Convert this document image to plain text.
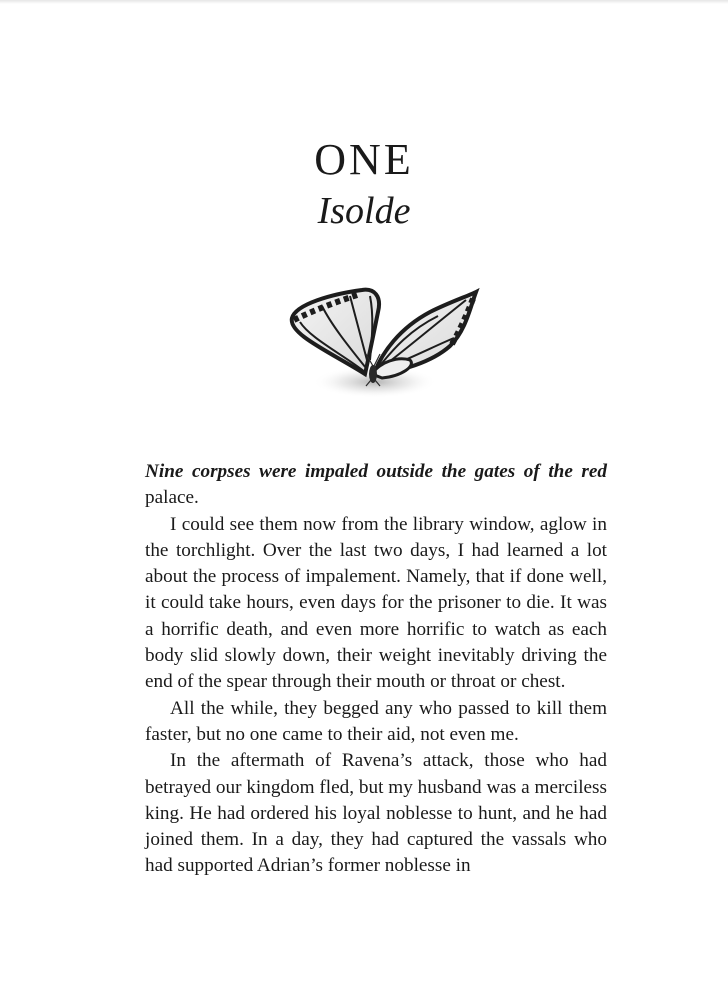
ONE
Isolde

Nine corpses were impaled outside the gates of the red palace.

I could see them now from the library window, aglow in the torchlight. Over the last two days, I had learned a lot about the process of impalement. Namely, that if done well, it could take hours, even days for the prisoner to die. It was a horrific death, and even more horrific to watch as each body slid slowly down, their weight inevitably driving the end of the spear through their mouth or throat or chest.

All the while, they begged any who passed to kill them faster, but no one came to their aid, not even me.

In the aftermath of Ravena’s attack, those who had betrayed our kingdom fled, but my husband was a merciless king. He had ordered his loyal noblesse to hunt, and he had joined them. In a day, they had captured the vassals who had supported Adrian’s former noblesse in
